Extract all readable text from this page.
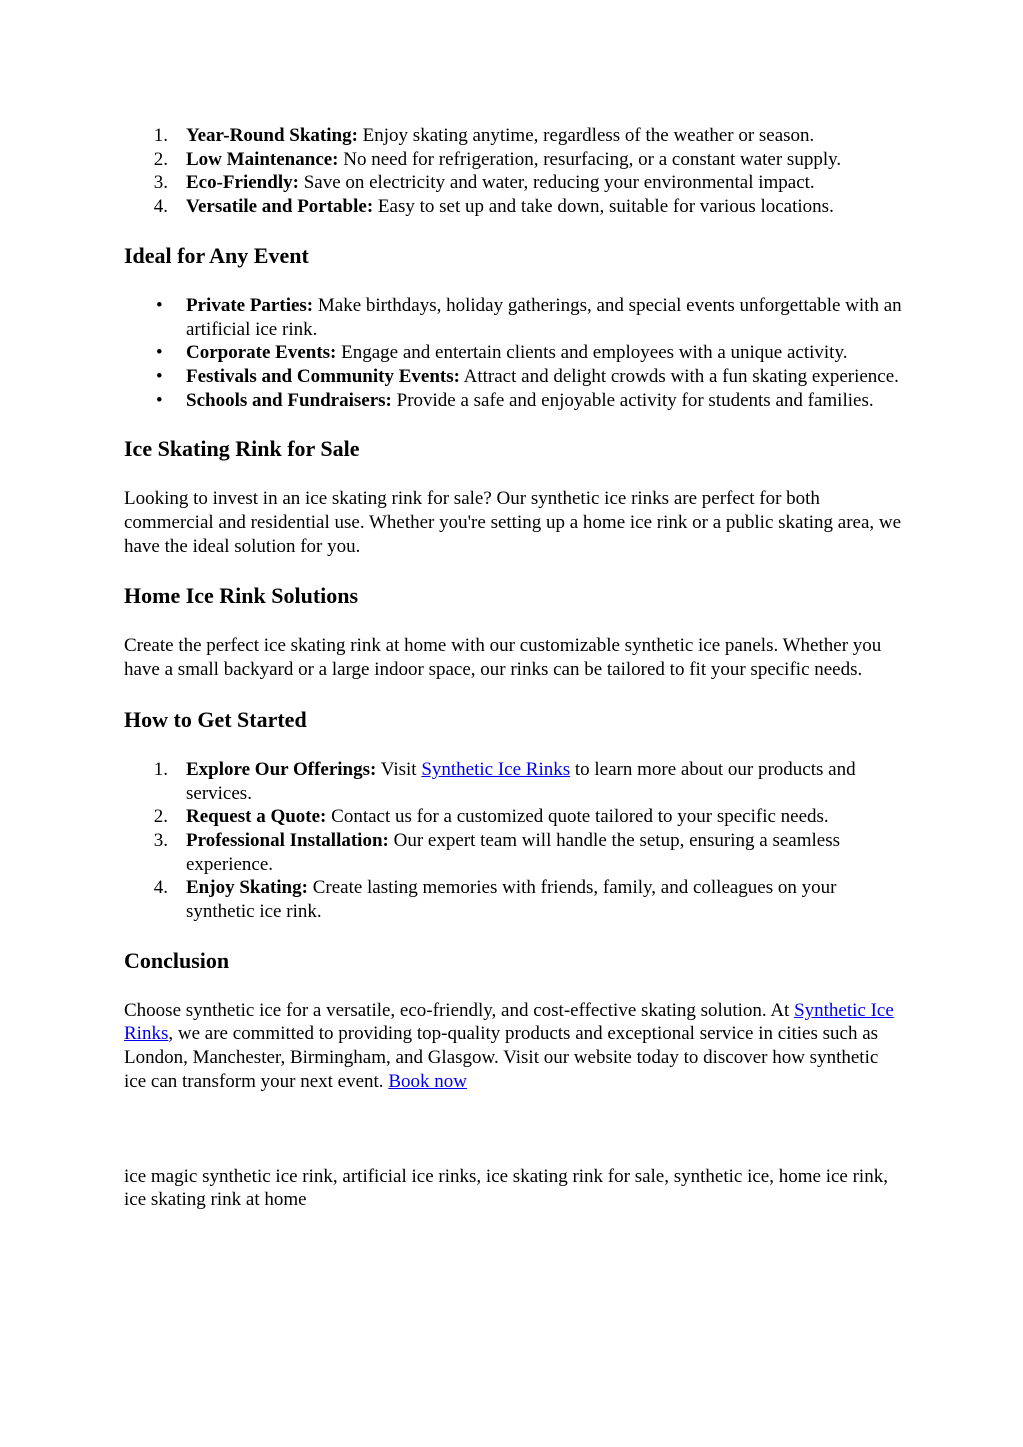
1. Year-Round Skating: Enjoy skating anytime, regardless of the weather or season.
2. Low Maintenance: No need for refrigeration, resurfacing, or a constant water supply.
3. Eco-Friendly: Save on electricity and water, reducing your environmental impact.
4. Versatile and Portable: Easy to set up and take down, suitable for various locations.
Ideal for Any Event
• Private Parties: Make birthdays, holiday gatherings, and special events unforgettable with an artificial ice rink.
• Corporate Events: Engage and entertain clients and employees with a unique activity.
• Festivals and Community Events: Attract and delight crowds with a fun skating experience.
• Schools and Fundraisers: Provide a safe and enjoyable activity for students and families.
Ice Skating Rink for Sale

Looking to invest in an ice skating rink for sale? Our synthetic ice rinks are perfect for both commercial and residential use. Whether you're setting up a home ice rink or a public skating area, we have the ideal solution for you.

Home Ice Rink Solutions

Create the perfect ice skating rink at home with our customizable synthetic ice panels. Whether you have a small backyard or a large indoor space, our rinks can be tailored to fit your specific needs.

How to Get Started
1. Explore Our Offerings: Visit Synthetic Ice Rinks to learn more about our products and services.
2. Request a Quote: Contact us for a customized quote tailored to your specific needs.
3. Professional Installation: Our expert team will handle the setup, ensuring a seamless experience.
4. Enjoy Skating: Create lasting memories with friends, family, and colleagues on your synthetic ice rink.
Conclusion

Choose synthetic ice for a versatile, eco-friendly, and cost-effective skating solution. At Synthetic Ice Rinks, we are committed to providing top-quality products and exceptional service in cities such as London, Manchester, Birmingham, and Glasgow. Visit our website today to discover how synthetic ice can transform your next event. Book now

ice magic synthetic ice rink, artificial ice rinks, ice skating rink for sale, synthetic ice, home ice rink, ice skating rink at home
